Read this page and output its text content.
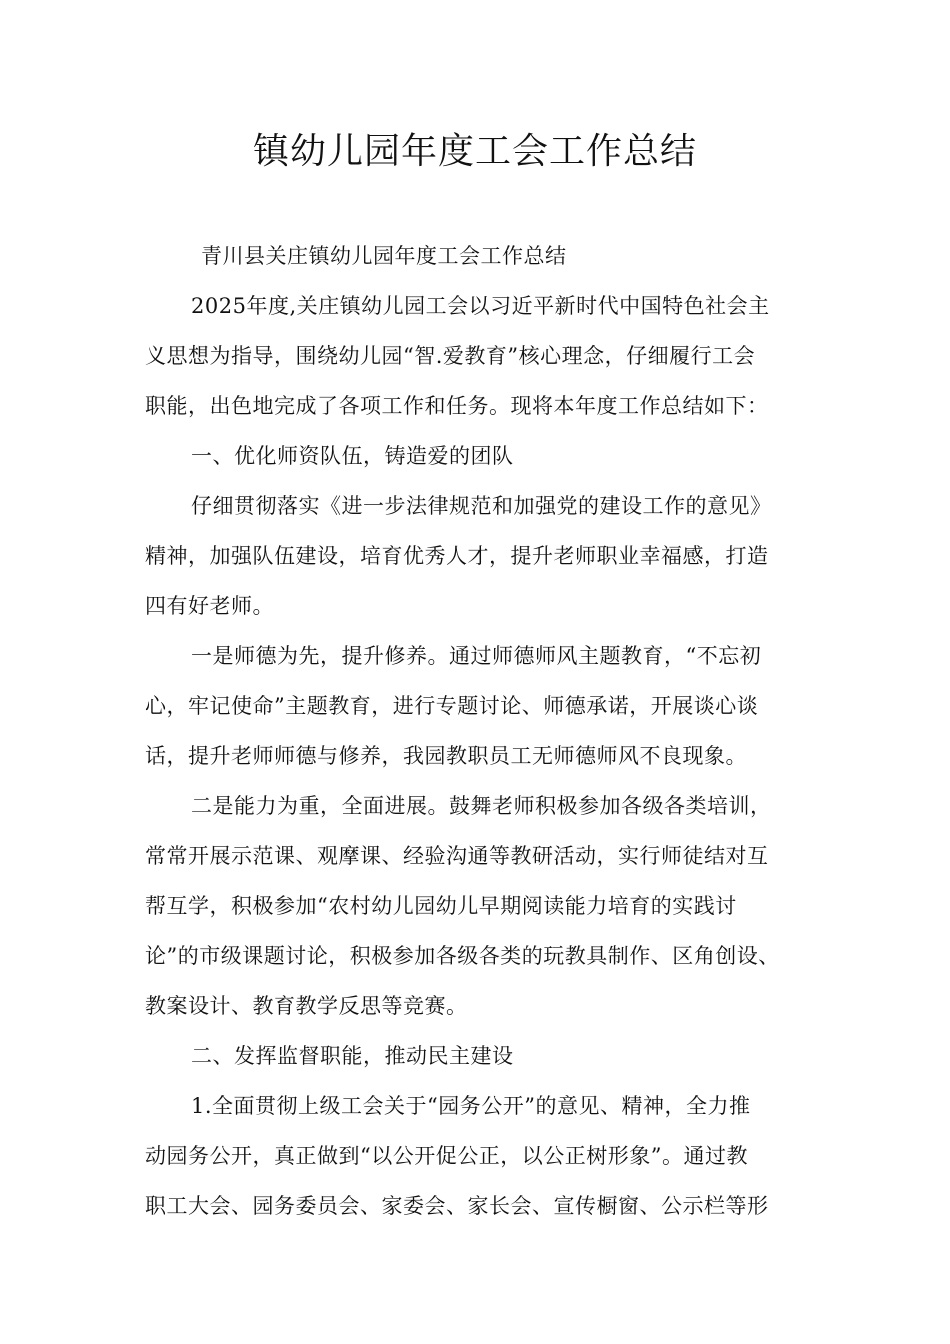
镇幼儿园年度工会工作总结
青川县关庄镇幼儿园年度工会工作总结
2025年度,关庄镇幼儿园工会以习近平新时代中国特色社会主
义思想为指导，围绕幼儿园“智.爱教育”核心理念，仔细履行工会
职能，出色地完成了各项工作和任务。现将本年度工作总结如下：
一、优化师资队伍，铸造爱的团队
仔细贯彻落实《进一步法律规范和加强党的建设工作的意见》
精神，加强队伍建设，培育优秀人才，提升老师职业幸福感，打造
四有好老师。
一是师德为先，提升修养。通过师德师风主题教育，“不忘初
心，牢记使命”主题教育，进行专题讨论、师德承诺，开展谈心谈
话，提升老师师德与修养，我园教职员工无师德师风不良现象。
二是能力为重，全面进展。鼓舞老师积极参加各级各类培训，
常常开展示范课、观摩课、经验沟通等教研活动，实行师徒结对互
帮互学，积极参加“农村幼儿园幼儿早期阅读能力培育的实践讨
论”的市级课题讨论，积极参加各级各类的玩教具制作、区角创设、
教案设计、教育教学反思等竞赛。
二、发挥监督职能，推动民主建设
1.全面贯彻上级工会关于“园务公开”的意见、精神，全力推
动园务公开，真正做到“以公开促公正，以公正树形象”。通过教
职工大会、园务委员会、家委会、家长会、宣传橱窗、公示栏等形
